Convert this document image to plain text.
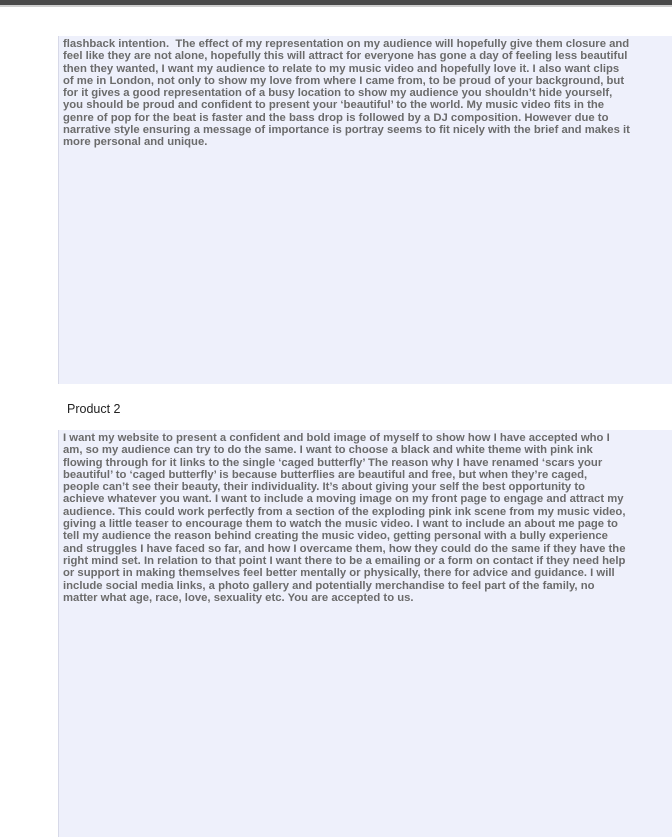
flashback intention.  The effect of my representation on my audience will hopefully give them closure and
feel like they are not alone, hopefully this will attract for everyone has gone a day of feeling less beautiful
then they wanted, I want my audience to relate to my music video and hopefully love it. I also want clips
of me in London, not only to show my love from where I came from, to be proud of your background, but
for it gives a good representation of a busy location to show my audience you shouldn’t hide yourself,
you should be proud and confident to present your ‘beautiful’ to the world. My music video fits in the
genre of pop for the beat is faster and the bass drop is followed by a DJ composition. However due to
narrative style ensuring a message of importance is portray seems to fit nicely with the brief and makes it
more personal and unique.

Product 2

I want my website to present a confident and bold image of myself to show how I have accepted who I
am, so my audience can try to do the same. I want to choose a black and white theme with pink ink
flowing through for it links to the single ‘caged butterfly’ The reason why I have renamed ‘scars your
beautiful’ to ‘caged butterfly’ is because butterflies are beautiful and free, but when they’re caged,
people can’t see their beauty, their individuality. It’s about giving your self the best opportunity to
achieve whatever you want. I want to include a moving image on my front page to engage and attract my
audience. This could work perfectly from a section of the exploding pink ink scene from my music video,
giving a little teaser to encourage them to watch the music video. I want to include an about me page to
tell my audience the reason behind creating the music video, getting personal with a bully experience
and struggles I have faced so far, and how I overcame them, how they could do the same if they have the
right mind set. In relation to that point I want there to be a emailing or a form on contact if they need help
or support in making themselves feel better mentally or physically, there for advice and guidance. I will
include social media links, a photo gallery and potentially merchandise to feel part of the family, no
matter what age, race, love, sexuality etc. You are accepted to us.
